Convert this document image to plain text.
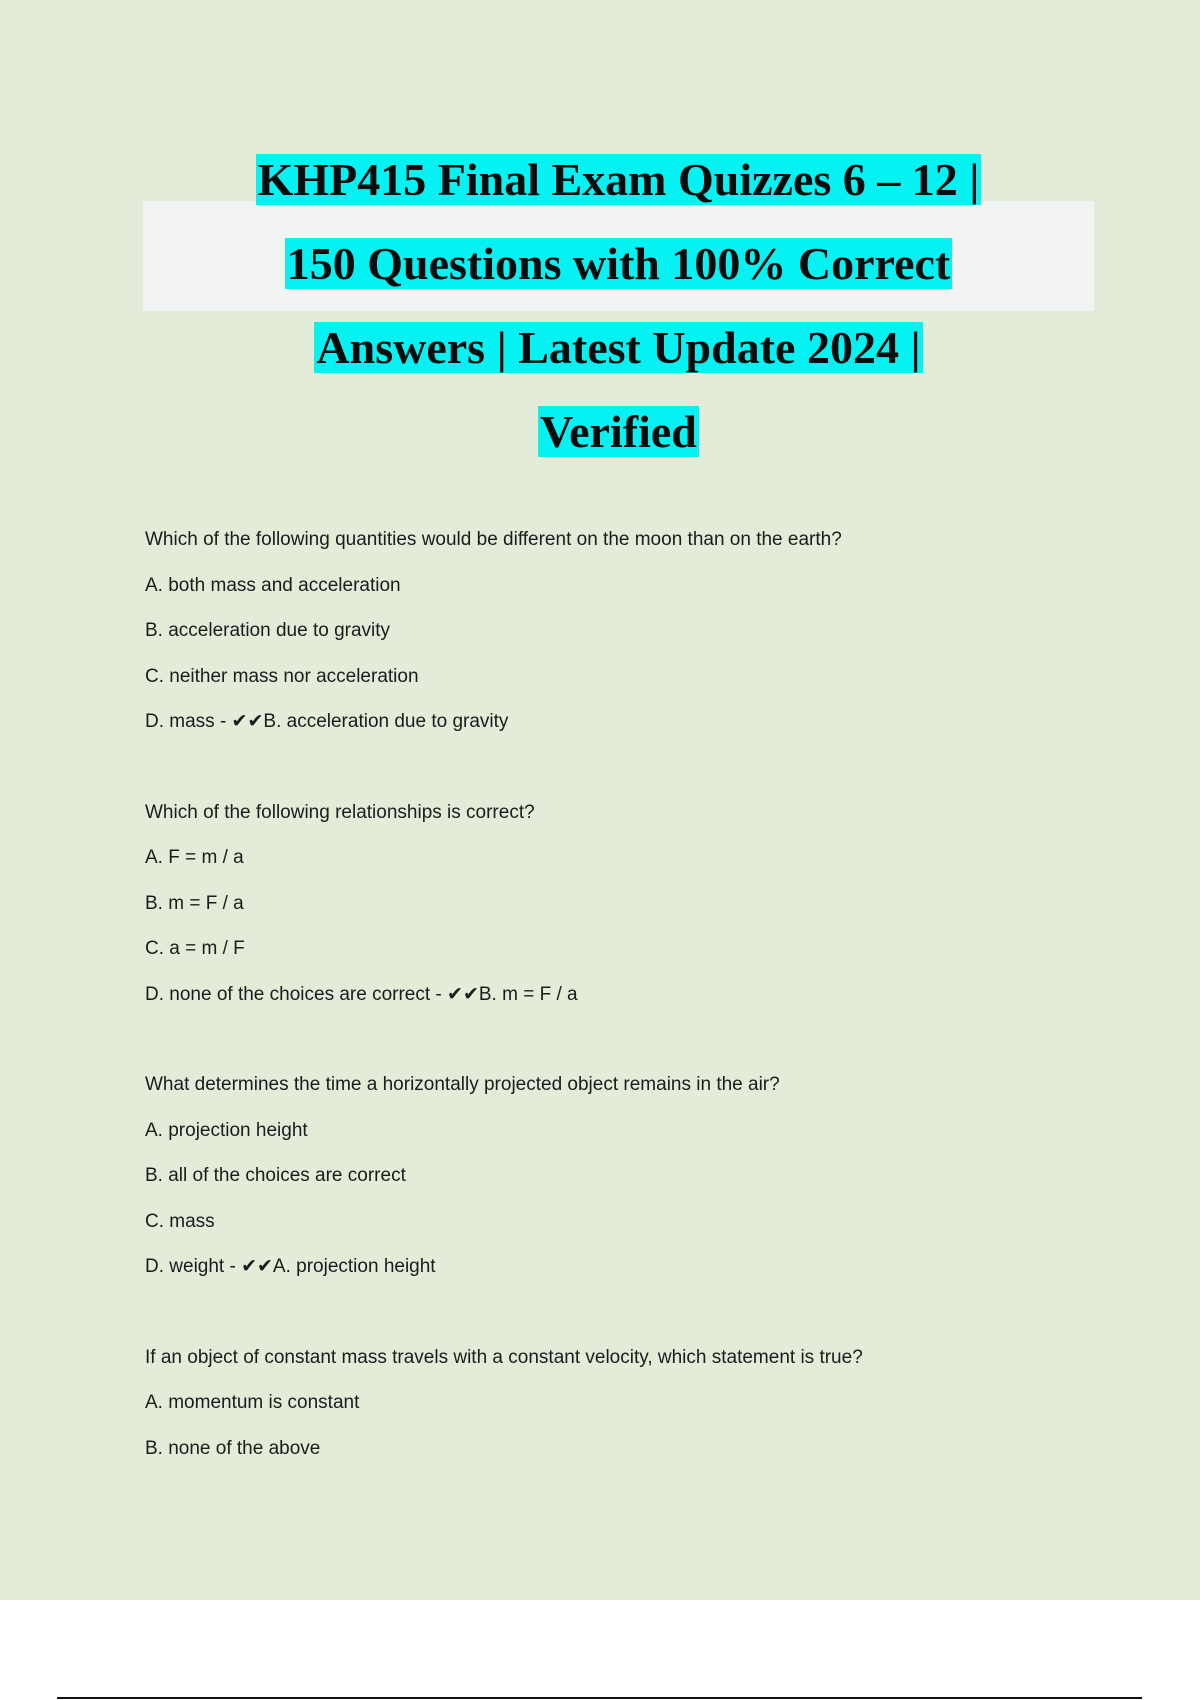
KHP415 Final Exam Quizzes 6 – 12 |
150 Questions with 100% Correct
Answers | Latest Update 2024 |
Verified
Which of the following quantities would be different on the moon than on the earth?
A. both mass and acceleration
B. acceleration due to gravity
C. neither mass nor acceleration
D. mass - ✔✔B. acceleration due to gravity
Which of the following relationships is correct?
A. F = m / a
B. m = F / a
C. a = m / F
D. none of the choices are correct - ✔✔B. m = F / a
What determines the time a horizontally projected object remains in the air?
A. projection height
B. all of the choices are correct
C. mass
D. weight - ✔✔A. projection height
If an object of constant mass travels with a constant velocity, which statement is true?
A. momentum is constant
B. none of the above
